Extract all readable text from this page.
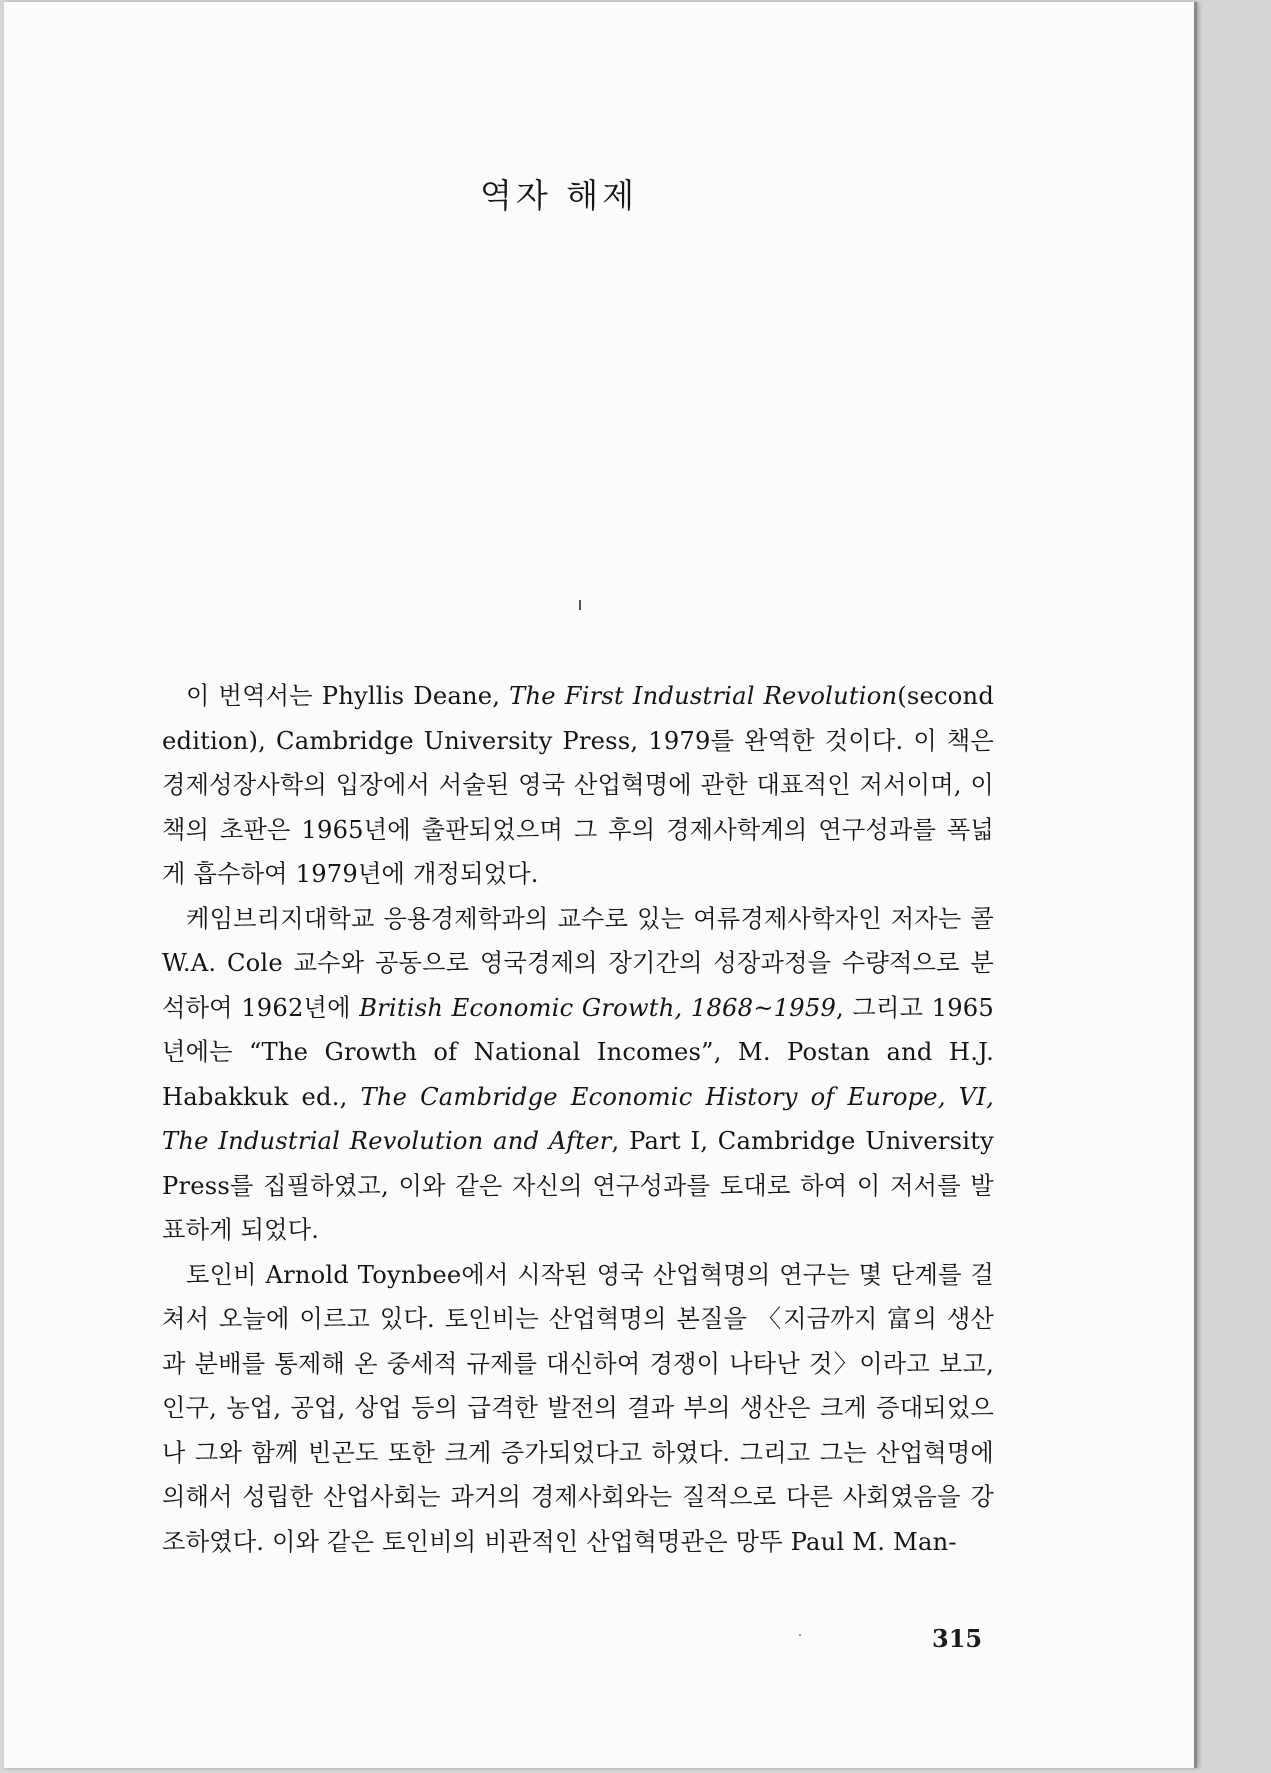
역자 해제

이 번역서는 Phyllis Deane, The First Industrial Revolution(second edition), Cambridge University Press, 1979를 완역한 것이다. 이 책은 경제성장사학의 입장에서 서술된 영국 산업혁명에 관한 대표적인 저서이며, 이 책의 초판은 1965년에 출판되었으며 그 후의 경제사학계의 연구성과를 폭넓게 흡수하여 1979년에 개정되었다.

케임브리지대학교 응용경제학과의 교수로 있는 여류경제사학자인 저자는 콜 W.A. Cole 교수와 공동으로 영국경제의 장기간의 성장과정을 수량적으로 분석하여 1962년에 British Economic Growth, 1868~1959, 그리고 1965년에는 “The Growth of National Incomes”, M. Postan and H.J. Habakkuk ed., The Cambridge Economic History of Europe, VI, The Industrial Revolution and After, Part I, Cambridge University Press를 집필하였고, 이와 같은 자신의 연구성과를 토대로 하여 이 저서를 발표하게 되었다.

토인비 Arnold Toynbee에서 시작된 영국 산업혁명의 연구는 몇 단계를 걸쳐서 오늘에 이르고 있다. 토인비는 산업혁명의 본질을 〈지금까지 富의 생산과 분배를 통제해 온 중세적 규제를 대신하여 경쟁이 나타난 것〉이라고 보고, 인구, 농업, 공업, 상업 등의 급격한 발전의 결과 부의 생산은 크게 증대되었으나 그와 함께 빈곤도 또한 크게 증가되었다고 하였다. 그리고 그는 산업혁명에 의해서 성립한 산업사회는 과거의 경제사회와는 질적으로 다른 사회였음을 강조하였다. 이와 같은 토인비의 비관적인 산업혁명관은 망뚜 Paul M. Man-

315
